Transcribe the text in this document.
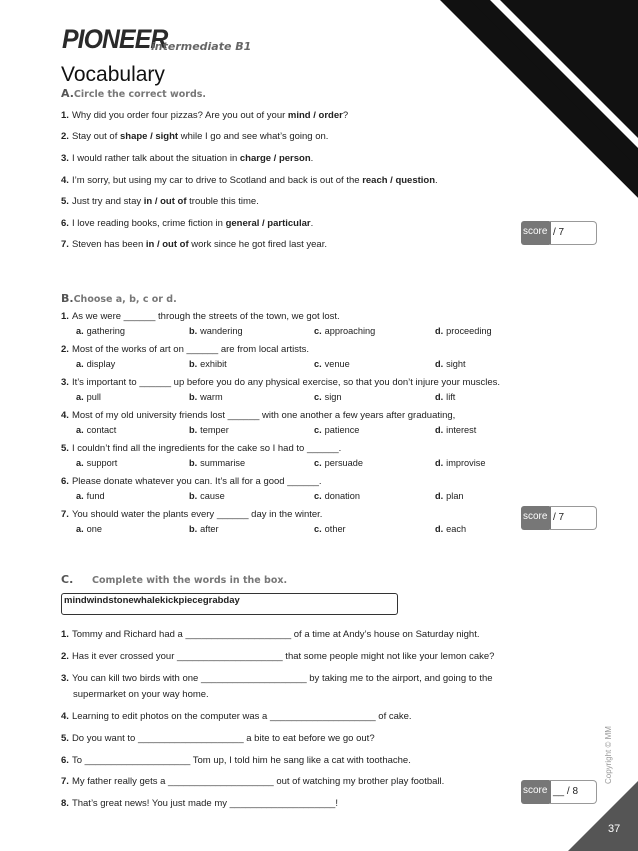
PIONEER
intermediate B1
Vocabulary
A.Circle the correct words.
1. Why did you order four pizzas? Are you out of your mind / order?
2. Stay out of shape / sight while I go and see what’s going on.
3. I would rather talk about the situation in charge / person.
4. I’m sorry, but using my car to drive to Scotland and back is out of the reach / question.
5. Just try and stay in / out of trouble this time.
6. I love reading books, crime fiction in general / particular.
7. Steven has been in / out of work since he got fired last year.
score / 7
B.Choose a, b, c or d.
1. As we were ______ through the streets of the town, we got lost.
a. gathering	b. wandering	c. approaching	d. proceeding
2. Most of the works of art on ______ are from local artists.
a. display	b. exhibit	c. venue	d. sight
3. It’s important to ______ up before you do any physical exercise, so that you don’t injure your muscles.
a. pull	b. warm	c. sign	d. lift
4. Most of my old university friends lost ______ with one another a few years after graduating,
a. contact	b. temper	c. patience	d. interest
5. I couldn’t find all the ingredients for the cake so I had to ______.
a. support	b. summarise	c. persuade	d. improvise
6. Please donate whatever you can. It’s all for a good ______.
a. fund	b. cause	c. donation	d. plan
7. You should water the plants every ______ day in the winter.
a. one	b. after	c. other	d. each
score / 7
C. Complete with the words in the box.
mindwindstonewhalekickpiecegrabday
1. Tommy and Richard had a ____________________ of a time at Andy’s house on Saturday night.
2. Has it ever crossed your ____________________ that some people might not like your lemon cake?
3. You can kill two birds with one ____________________ by taking me to the airport, and going to the
supermarket on your way home.
4. Learning to edit photos on the computer was a ____________________ of cake.
5. Do you want to ____________________ a bite to eat before we go out?
6. To ____________________ Tom up, I told him he sang like a cat with toothache.
7. My father really gets a ____________________ out of watching my brother play football.
8. That’s great news! You just made my ____________________!
score __ / 8
Copyright © MM
37
